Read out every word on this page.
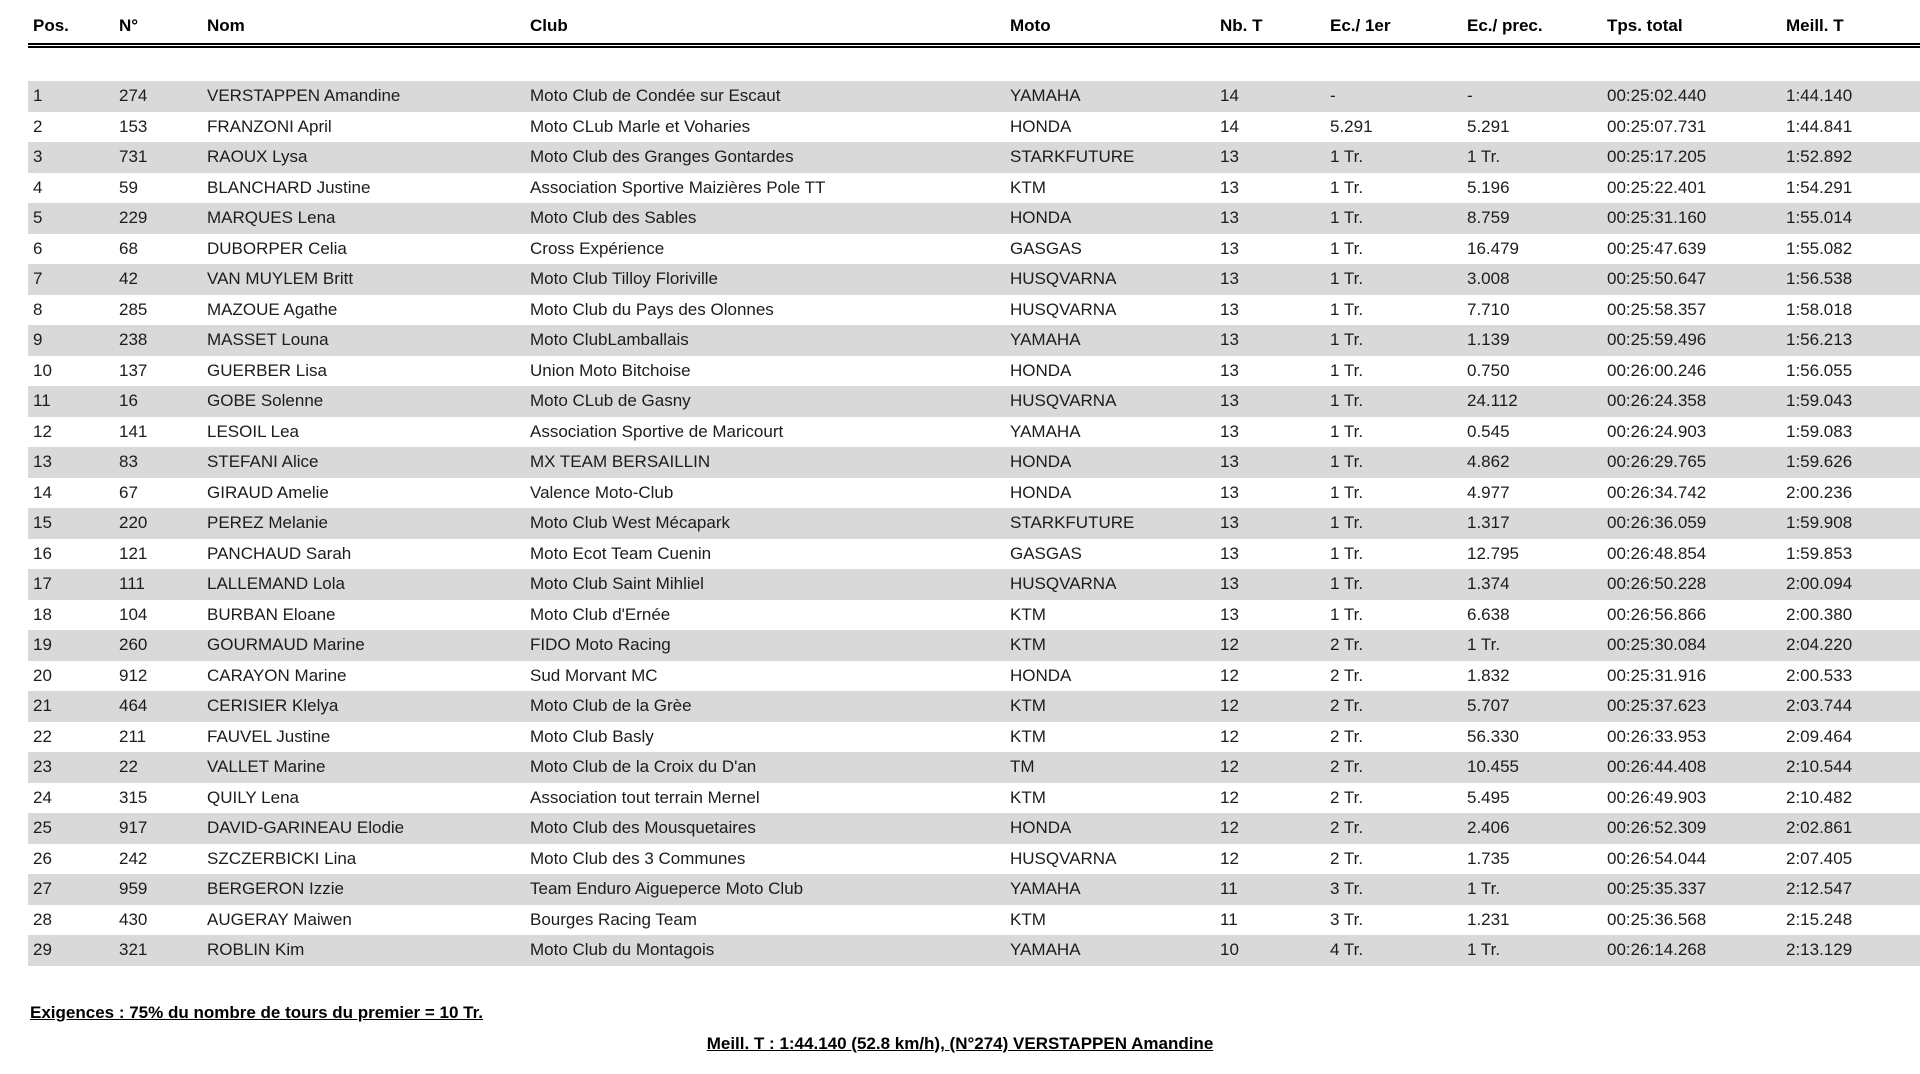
Pos.	N°	Nom	Club	Moto	Nb. T	Ec./ 1er	Ec./ prec.	Tps. total	Meill. T

1	274	VERSTAPPEN Amandine	Moto Club de Condée sur Escaut	YAMAHA	14	-	-	00:25:02.440	1:44.140
2	153	FRANZONI April	Moto CLub Marle et Voharies	HONDA	14	5.291	5.291	00:25:07.731	1:44.841
3	731	RAOUX Lysa	Moto Club des Granges Gontardes	STARKFUTURE	13	1 Tr.	1 Tr.	00:25:17.205	1:52.892
4	59	BLANCHARD Justine	Association Sportive Maizières Pole TT	KTM	13	1 Tr.	5.196	00:25:22.401	1:54.291
5	229	MARQUES Lena	Moto Club des Sables	HONDA	13	1 Tr.	8.759	00:25:31.160	1:55.014
6	68	DUBORPER Celia	Cross Expérience	GASGAS	13	1 Tr.	16.479	00:25:47.639	1:55.082
7	42	VAN MUYLEM Britt	Moto Club Tilloy Floriville	HUSQVARNA	13	1 Tr.	3.008	00:25:50.647	1:56.538
8	285	MAZOUE Agathe	Moto Club du Pays des Olonnes	HUSQVARNA	13	1 Tr.	7.710	00:25:58.357	1:58.018
9	238	MASSET Louna	Moto ClubLamballais	YAMAHA	13	1 Tr.	1.139	00:25:59.496	1:56.213
10	137	GUERBER Lisa	Union Moto Bitchoise	HONDA	13	1 Tr.	0.750	00:26:00.246	1:56.055
11	16	GOBE Solenne	Moto CLub de Gasny	HUSQVARNA	13	1 Tr.	24.112	00:26:24.358	1:59.043
12	141	LESOIL Lea	Association Sportive de Maricourt	YAMAHA	13	1 Tr.	0.545	00:26:24.903	1:59.083
13	83	STEFANI Alice	MX TEAM BERSAILLIN	HONDA	13	1 Tr.	4.862	00:26:29.765	1:59.626
14	67	GIRAUD Amelie	Valence Moto-Club	HONDA	13	1 Tr.	4.977	00:26:34.742	2:00.236
15	220	PEREZ Melanie	Moto Club West Mécapark	STARKFUTURE	13	1 Tr.	1.317	00:26:36.059	1:59.908
16	121	PANCHAUD Sarah	Moto Ecot Team Cuenin	GASGAS	13	1 Tr.	12.795	00:26:48.854	1:59.853
17	111	LALLEMAND Lola	Moto Club Saint Mihliel	HUSQVARNA	13	1 Tr.	1.374	00:26:50.228	2:00.094
18	104	BURBAN Eloane	Moto Club d'Ernée	KTM	13	1 Tr.	6.638	00:26:56.866	2:00.380
19	260	GOURMAUD Marine	FIDO Moto Racing	KTM	12	2 Tr.	1 Tr.	00:25:30.084	2:04.220
20	912	CARAYON Marine	Sud Morvant MC	HONDA	12	2 Tr.	1.832	00:25:31.916	2:00.533
21	464	CERISIER Klelya	Moto Club de la Grèe	KTM	12	2 Tr.	5.707	00:25:37.623	2:03.744
22	211	FAUVEL Justine	Moto Club Basly	KTM	12	2 Tr.	56.330	00:26:33.953	2:09.464
23	22	VALLET Marine	Moto Club de la Croix du D'an	TM	12	2 Tr.	10.455	00:26:44.408	2:10.544
24	315	QUILY Lena	Association tout terrain Mernel	KTM	12	2 Tr.	5.495	00:26:49.903	2:10.482
25	917	DAVID-GARINEAU Elodie	Moto Club des Mousquetaires	HONDA	12	2 Tr.	2.406	00:26:52.309	2:02.861
26	242	SZCZERBICKI Lina	Moto Club des 3 Communes	HUSQVARNA	12	2 Tr.	1.735	00:26:54.044	2:07.405
27	959	BERGERON Izzie	Team Enduro Aigueperce Moto Club	YAMAHA	11	3 Tr.	1 Tr.	00:25:35.337	2:12.547
28	430	AUGERAY Maiwen	Bourges Racing Team	KTM	11	3 Tr.	1.231	00:25:36.568	2:15.248
29	321	ROBLIN Kim	Moto Club du Montagois	YAMAHA	10	4 Tr.	1 Tr.	00:26:14.268	2:13.129
Exigences : 75% du nombre de tours du premier = 10 Tr.
Meill. T : 1:44.140 (52.8 km/h), (N°274) VERSTAPPEN Amandine
